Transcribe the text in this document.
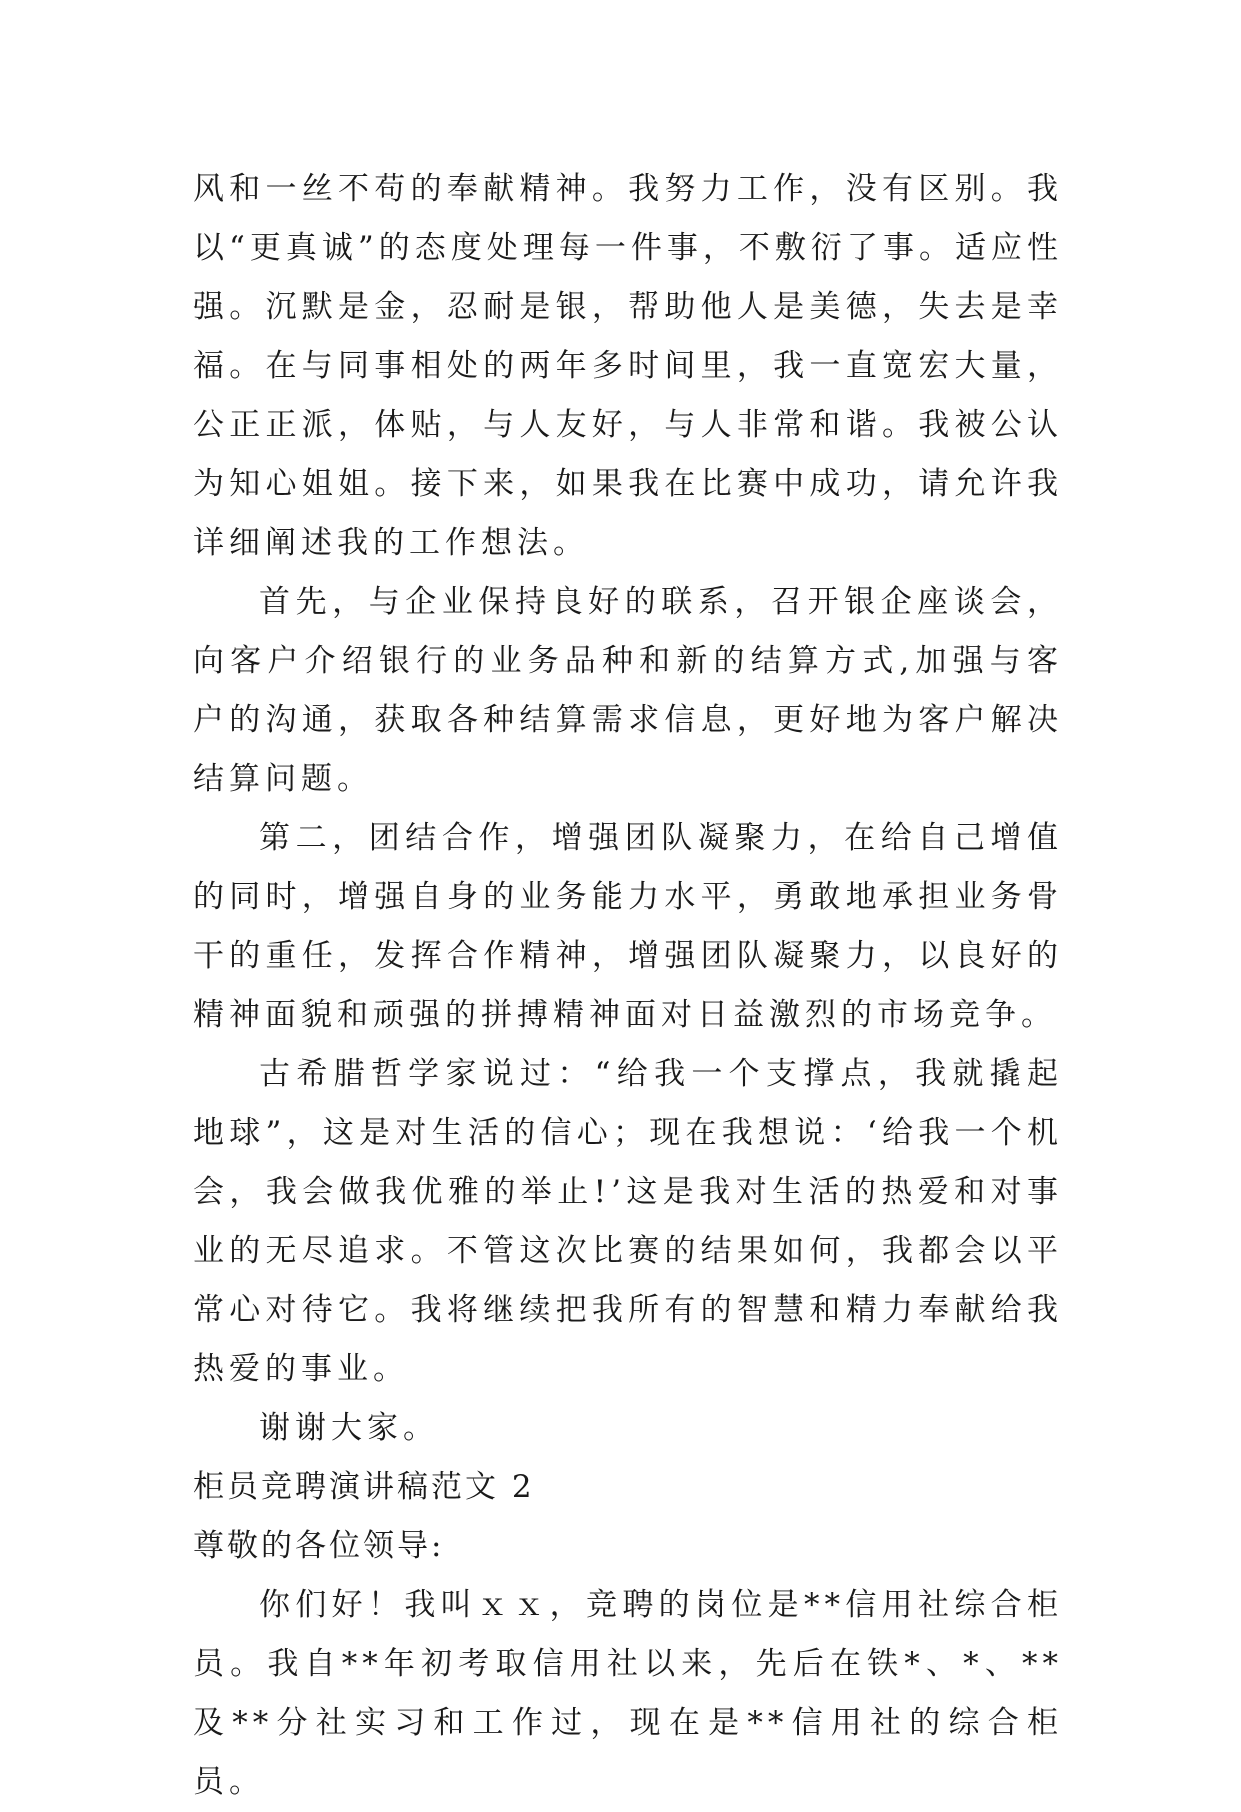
风和一丝不苟的奉献精神。我努力工作，没有区别。我以“更真诚”的态度处理每一件事，不敷衍了事。适应性强。沉默是金，忍耐是银，帮助他人是美德，失去是幸福。在与同事相处的两年多时间里，我一直宽宏大量，公正正派，体贴，与人友好，与人非常和谐。我被公认为知心姐姐。接下来，如果我在比赛中成功，请允许我详细阐述我的工作想法。

首先，与企业保持良好的联系，召开银企座谈会，向客户介绍银行的业务品种和新的结算方式,加强与客户的沟通，获取各种结算需求信息，更好地为客户解决结算问题。

第二，团结合作，增强团队凝聚力，在给自己增值的同时，增强自身的业务能力水平，勇敢地承担业务骨干的重任，发挥合作精神，增强团队凝聚力，以良好的精神面貌和顽强的拼搏精神面对日益激烈的市场竞争。

古希腊哲学家说过：“给我一个支撑点，我就撬起地球”，这是对生活的信心；现在我想说：‘给我一个机会，我会做我优雅的举止!’这是我对生活的热爱和对事业的无尽追求。不管这次比赛的结果如何，我都会以平常心对待它。我将继续把我所有的智慧和精力奉献给我热爱的事业。

谢谢大家。

柜员竞聘演讲稿范文 2

尊敬的各位领导:

你们好！我叫ｘｘ，竞聘的岗位是**信用社综合柜员。我自**年初考取信用社以来，先后在铁*、*、**及**分社实习和工作过，现在是**信用社的综合柜员。
